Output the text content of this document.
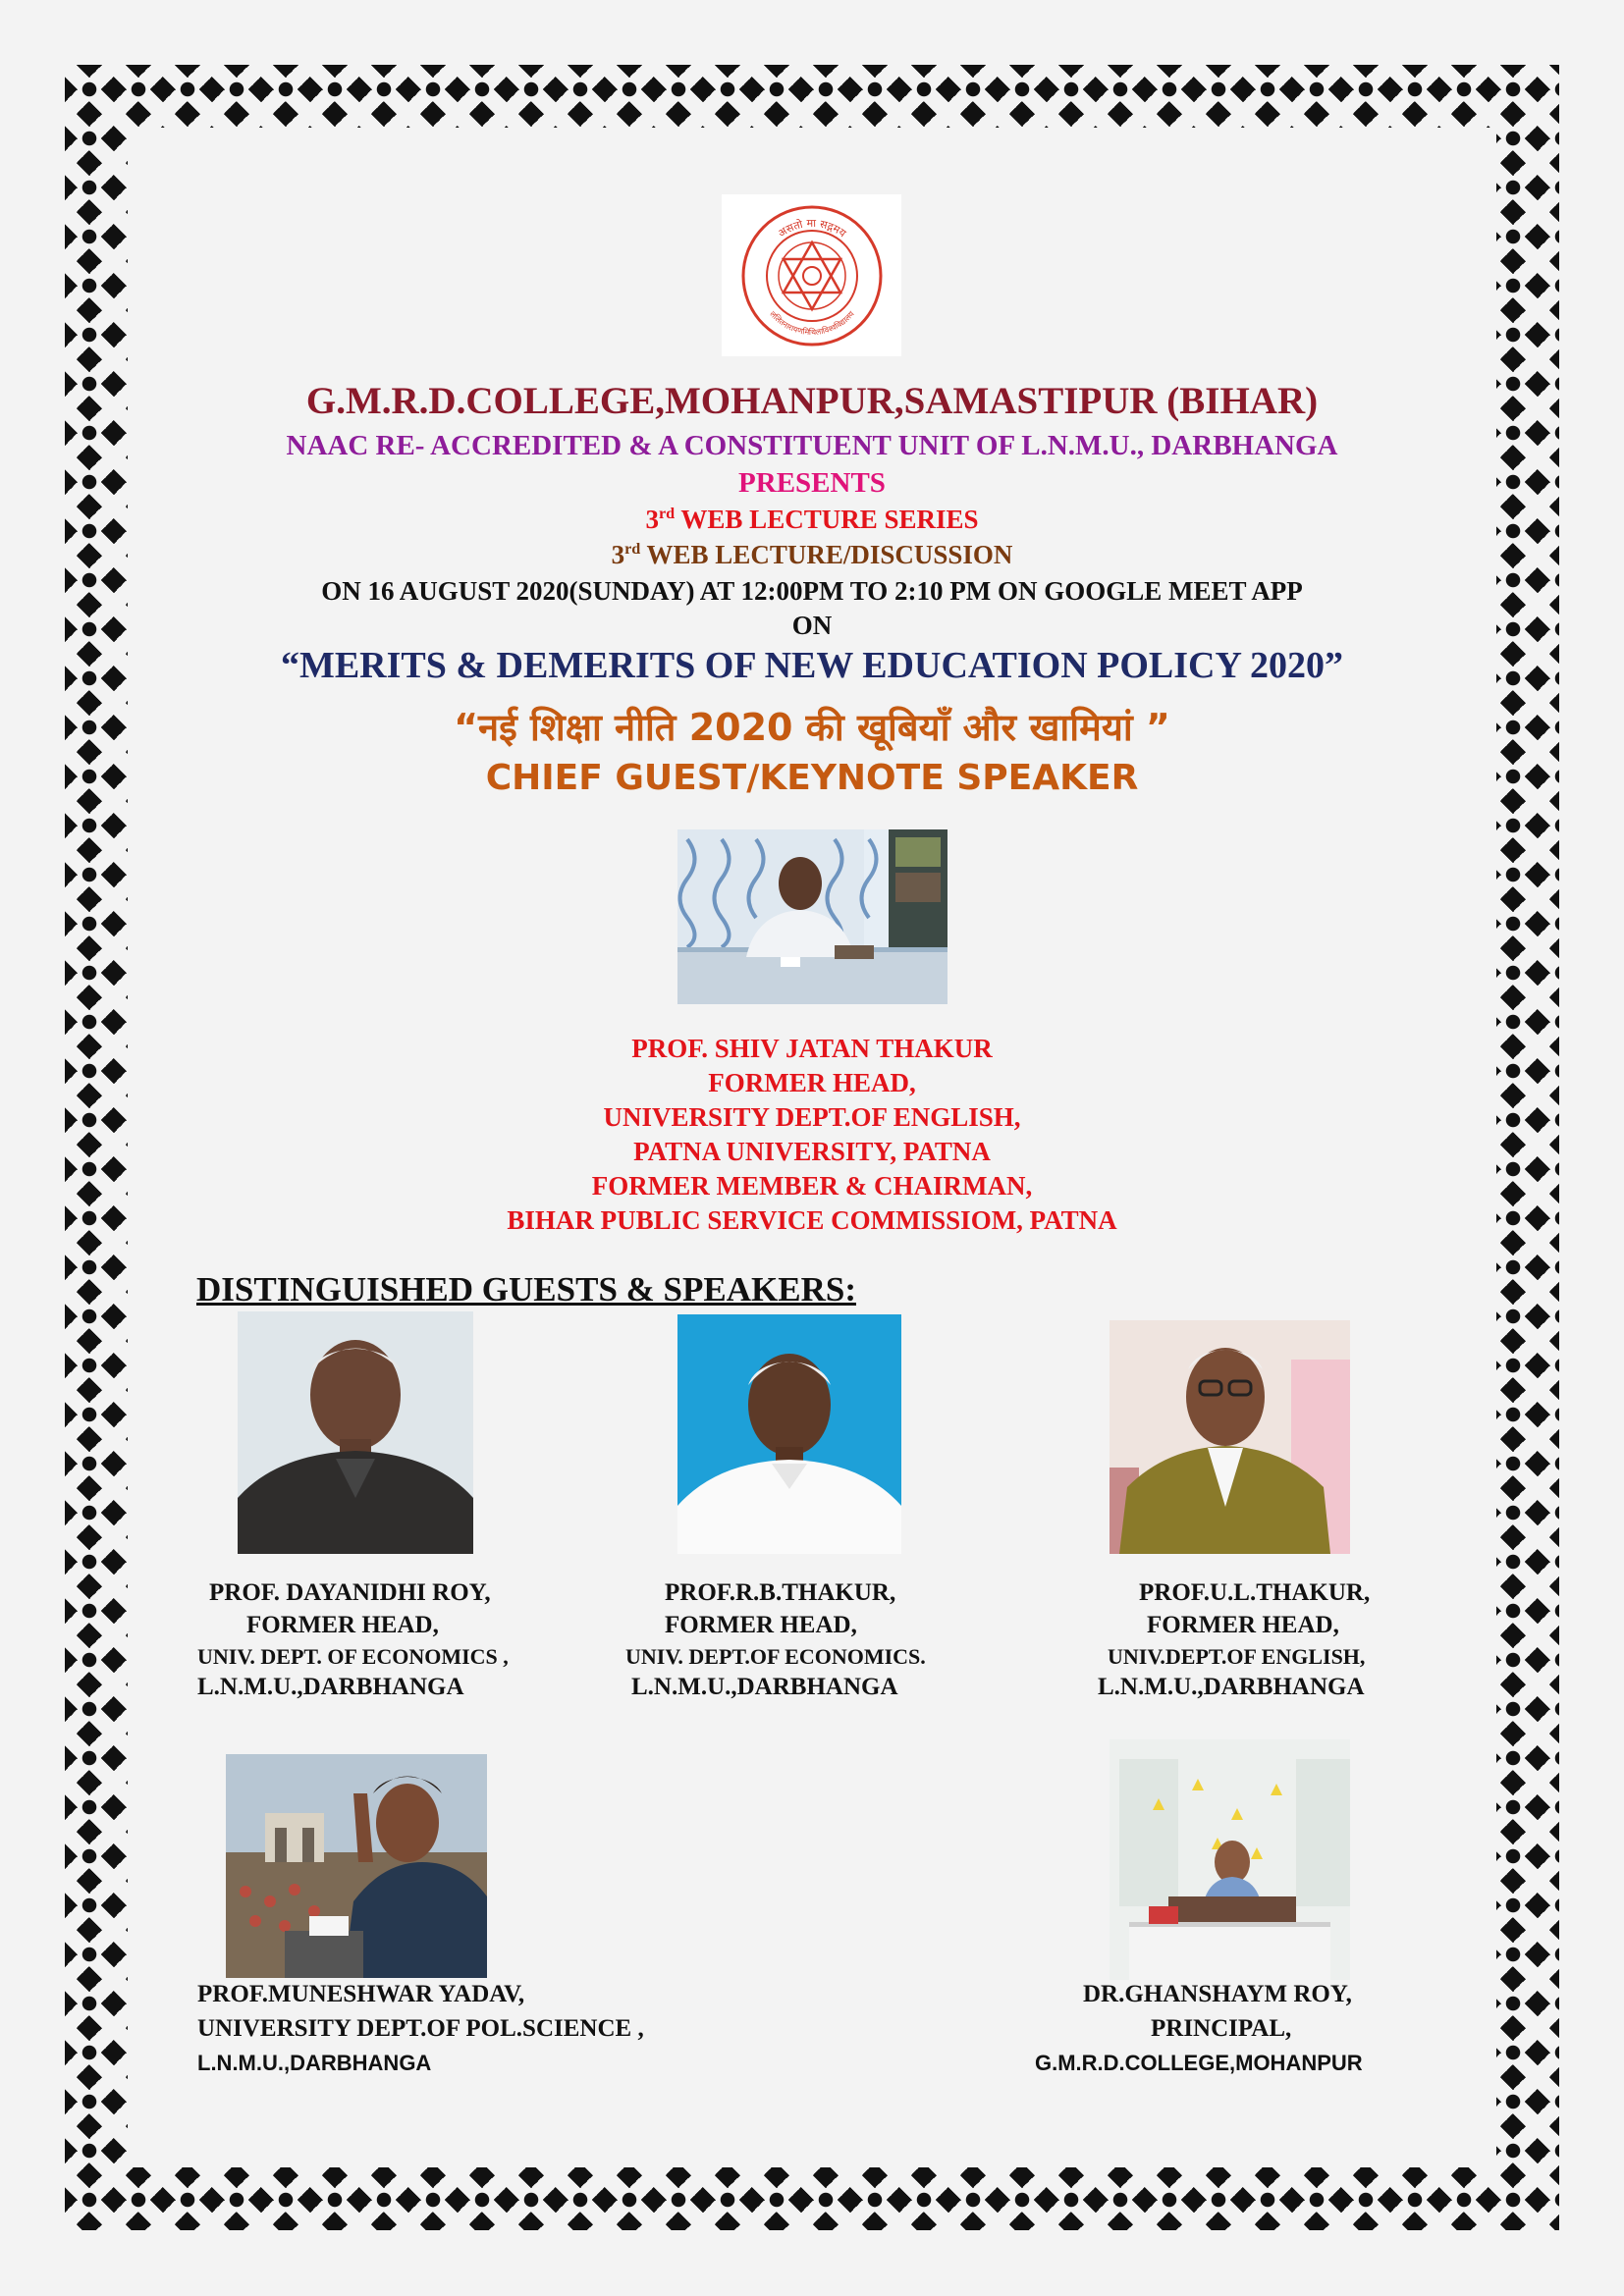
असतो मा सद्गमय
ललितनारायणमिथिलाविश्वविद्यालय
G.M.R.D.COLLEGE,MOHANPUR,SAMASTIPUR (BIHAR)
NAAC RE- ACCREDITED & A CONSTITUENT UNIT OF L.N.M.U., DARBHANGA
PRESENTS
3rd WEB LECTURE SERIES
3rd WEB LECTURE/DISCUSSION
ON 16 AUGUST 2020(SUNDAY) AT 12:00PM TO 2:10 PM ON GOOGLE MEET APP
ON
“MERITS & DEMERITS OF NEW EDUCATION POLICY 2020”
“नई शिक्षा नीति 2020 की खूबियाँ और खामियां ”
CHIEF GUEST/KEYNOTE SPEAKER
PROF. SHIV JATAN THAKUR
FORMER HEAD,
UNIVERSITY DEPT.OF ENGLISH,
PATNA UNIVERSITY, PATNA
FORMER MEMBER & CHAIRMAN,
BIHAR PUBLIC SERVICE COMMISSIOM, PATNA
DISTINGUISHED GUESTS & SPEAKERS:
PROF. DAYANIDHI ROY,
FORMER HEAD,
UNIV. DEPT. OF ECONOMICS ,
L.N.M.U.,DARBHANGA
PROF.R.B.THAKUR,
FORMER HEAD,
UNIV. DEPT.OF ECONOMICS.
L.N.M.U.,DARBHANGA
PROF.U.L.THAKUR,
FORMER HEAD,
UNIV.DEPT.OF ENGLISH,
L.N.M.U.,DARBHANGA
PROF.MUNESHWAR YADAV,
UNIVERSITY DEPT.OF POL.SCIENCE ,
L.N.M.U.,DARBHANGA
DR.GHANSHAYM ROY,
PRINCIPAL,
G.M.R.D.COLLEGE,MOHANPUR
